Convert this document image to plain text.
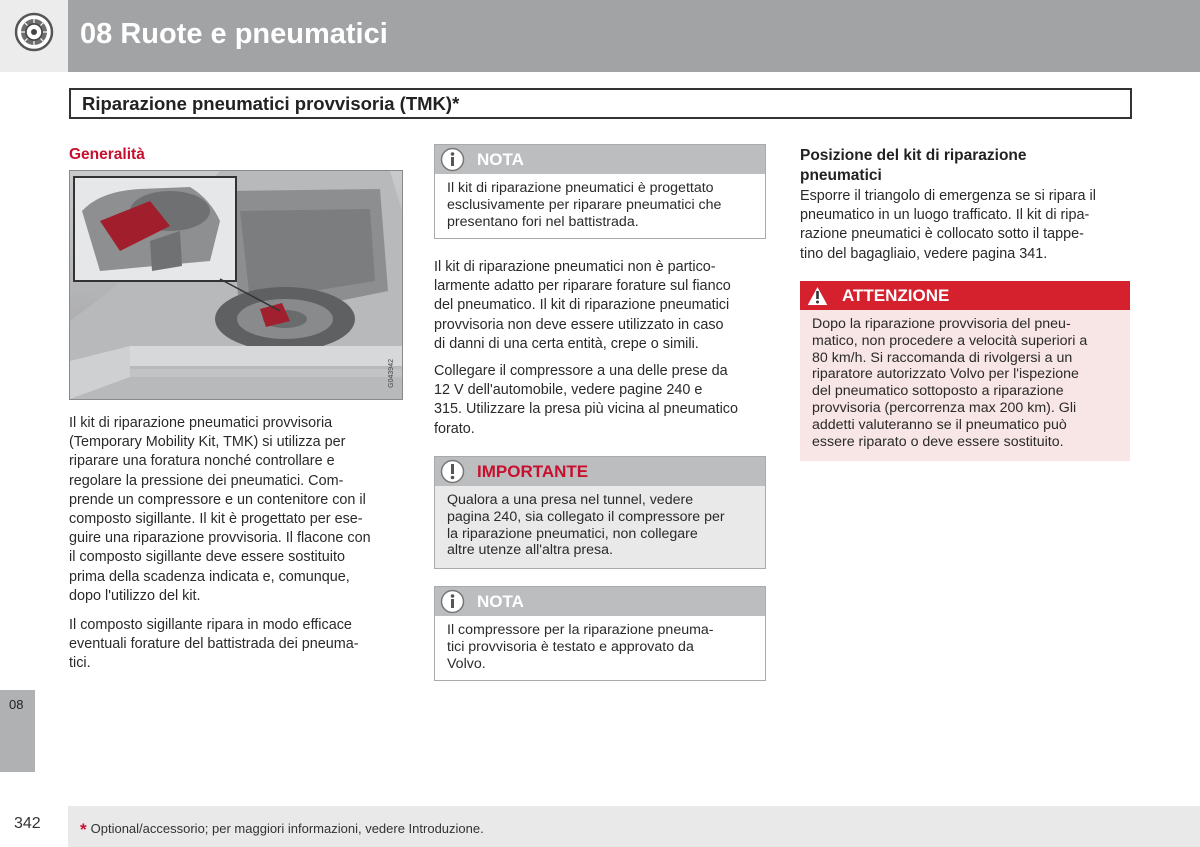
08 Ruote e pneumatici
08
Riparazione pneumatici provvisoria (TMK)*
Generalità
G043942

Il kit di riparazione pneumatici provvisoria

(Temporary Mobility Kit, TMK) si utilizza per

riparare una foratura nonché controllare e

regolare la pressione dei pneumatici. Com-

prende un compressore e un contenitore con il

composto sigillante. Il kit è progettato per ese-

guire una riparazione provvisoria. Il flacone con

il composto sigillante deve essere sostituito

prima della scadenza indicata e, comunque,

dopo l'utilizzo del kit.

Il composto sigillante ripara in modo efficace

eventuali forature del battistrada dei pneuma-

tici.

NOTA
Il kit di riparazione pneumatici è progettato
esclusivamente per riparare pneumatici che
presentano fori nel battistrada.

Il kit di riparazione pneumatici non è partico-

larmente adatto per riparare forature sul fianco

del pneumatico. Il kit di riparazione pneumatici

provvisoria non deve essere utilizzato in caso

di danni di una certa entità, crepe o simili.

Collegare il compressore a una delle prese da

12 V dell'automobile, vedere pagine 240 e

315. Utilizzare la presa più vicina al pneumatico

forato.

IMPORTANTE
Qualora a una presa nel tunnel, vedere
pagina 240, sia collegato il compressore per
la riparazione pneumatici, non collegare
altre utenze all'altra presa.
NOTA
Il compressore per la riparazione pneuma-
tici provvisoria è testato e approvato da
Volvo.
Posizione del kit di riparazione
pneumatici

Esporre il triangolo di emergenza se si ripara il

pneumatico in un luogo trafficato. Il kit di ripa-

razione pneumatici è collocato sotto il tappe-

tino del bagagliaio, vedere pagina 341.

ATTENZIONE
Dopo la riparazione provvisoria del pneu-
matico, non procedere a velocità superiori a
80 km/h. Si raccomanda di rivolgersi a un
riparatore autorizzato Volvo per l'ispezione
del pneumatico sottoposto a riparazione
provvisoria (percorrenza max 200 km). Gli
addetti valuteranno se il pneumatico può
essere riparato o deve essere sostituito.
342 * Optional/accessorio; per maggiori informazioni, vedere Introduzione.
